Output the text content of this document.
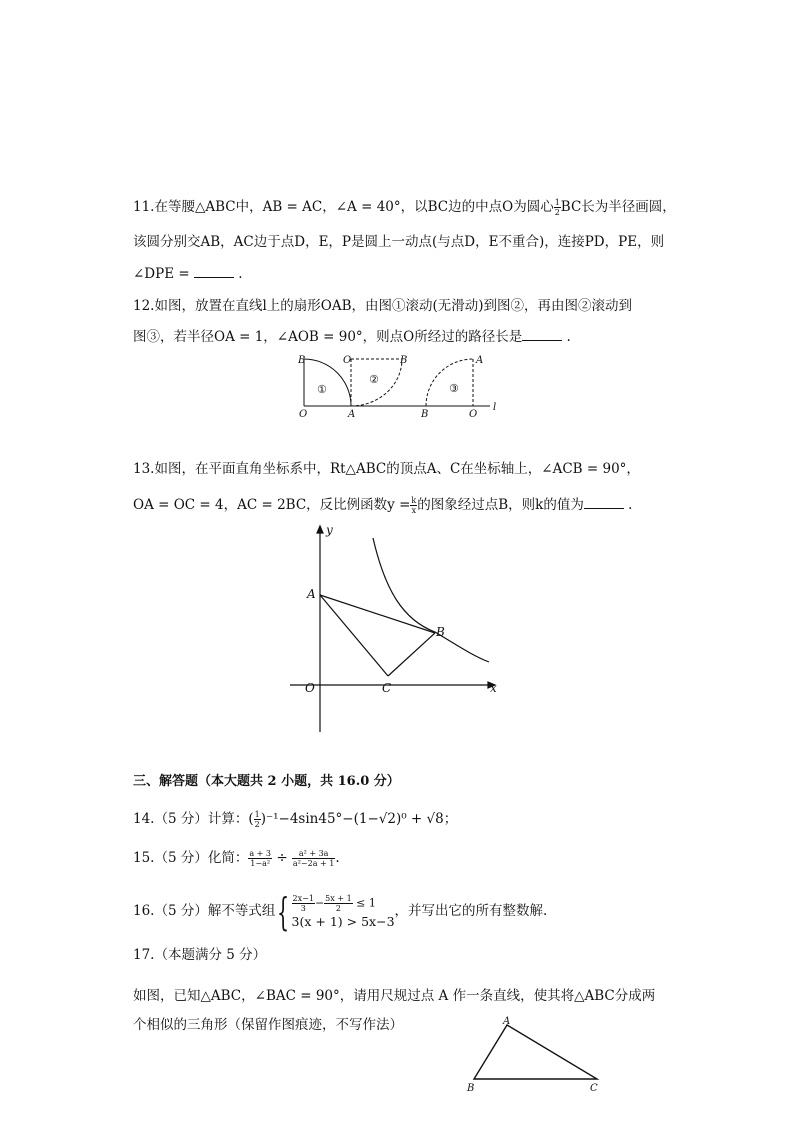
11.在等腰△ABC中，AB = AC，∠A = 40°，以BC边的中点O为圆心 $\frac{1}{2}$ BC长为半径画圆，
该圆分别交AB，AC边于点D，E，P是圆上一动点(与点D，E不重合)，连接PD，PE，则
∠DPE =	.
12.如图，放置在直线l上的扇形OAB，由图①滚动(无滑动)到图②，再由图②滚动到
图③，若半径OA = 1，∠AOB = 90°，则点O所经过的路径长是	.
B
O
B
A
O	A
B	O
l
①
②
③
13.如图，在平面直角坐标系中，Rt△ABC的顶点A、C在坐标轴上，∠ACB = 90°，
OA = OC = 4，AC = 2BC，反比例函数$y = \frac{k}{x}$ 的图象经过点B，则k的值为	.
y
x
O
A
B
C
三、解答题（本大题共 2 小题，共 16.0 分）
14.（5 分）计算：( $\frac{1}{2} )^{-1}-4\sin 45^\circ-(1-√2)^0 + √8$；
15.（5 分）化简： $\frac{a + 3}{\text{1−a²}} \div \frac{\text{a² + 3a}}{\text{a²−2a + 1}}$ .
16.（5 分）解不等式组{ $\frac{2x-1}{3} - \frac{5x + 1}{2} \le 1$
3(x + 1) > 5x−3
，并写出它的所有整数解.
17.（本题满分 5 分）
如图，已知△ABC，∠BAC = 90°，请用尺规过点 A 作一条直线，使其将△ABC分成两
个相似的三角形（保留作图痕迹，不写作法）	A
B	C
